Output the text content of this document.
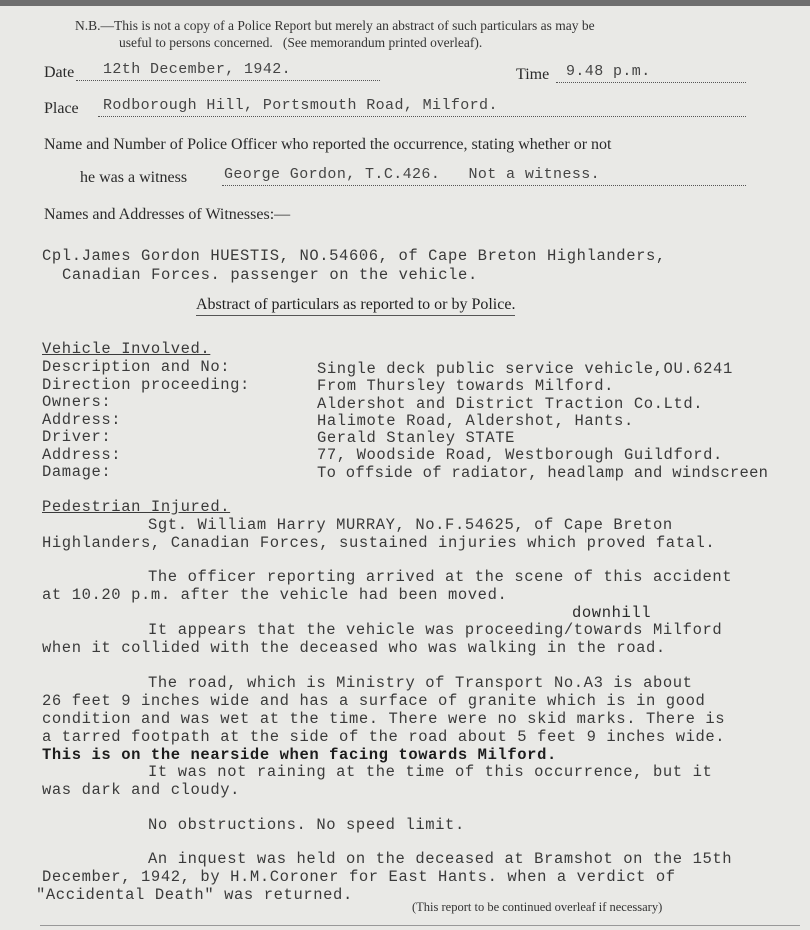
N.B.—This is not a copy of a Police Report but merely an abstract of such particulars as may be
useful to persons concerned.   (See memorandum printed overleaf).
Date 12th December, 1942.	Time 9.48 p.m.
Place Rodborough Hill, Portsmouth Road, Milford.
Name and Number of Police Officer who reported the occurrence, stating whether or not
he was a witness George Gordon, T.C.426.   Not a witness.
Names and Addresses of Witnesses:—
Cpl.James Gordon HUESTIS, NO.54606, of Cape Breton Highlanders,
Canadian Forces. passenger on the vehicle.
Abstract of particulars as reported to or by Police.
Vehicle Involved.
Description and No:	Single deck public service vehicle,OU.6241
Direction proceeding:	From Thursley towards Milford.
Owners:	Aldershot and District Traction Co.Ltd.
Address:	Halimote Road, Aldershot, Hants.
Driver:	Gerald Stanley STATE
Address:	77, Woodside Road, Westborough Guildford.
Damage:	To offside of radiator, headlamp and windscreen
Pedestrian Injured.
Sgt. William Harry MURRAY, No.F.54625, of Cape Breton
Highlanders, Canadian Forces, sustained injuries which proved fatal.
The officer reporting arrived at the scene of this accident
at 10.20 p.m. after the vehicle had been moved.
downhill
It appears that the vehicle was proceeding/towards Milford
when it collided with the deceased who was walking in the road.
The road, which is Ministry of Transport No.A3 is about
26 feet 9 inches wide and has a surface of granite which is in good
condition and was wet at the time. There were no skid marks. There is
a tarred footpath at the side of the road about 5 feet 9 inches wide.
This is on the nearside when facing towards Milford.
It was not raining at the time of this occurrence, but it
was dark and cloudy.
No obstructions. No speed limit.
An inquest was held on the deceased at Bramshot on the 15th
December, 1942, by H.M.Coroner for East Hants. when a verdict of
"Accidental Death" was returned.
(This report to be continued overleaf if necessary)
